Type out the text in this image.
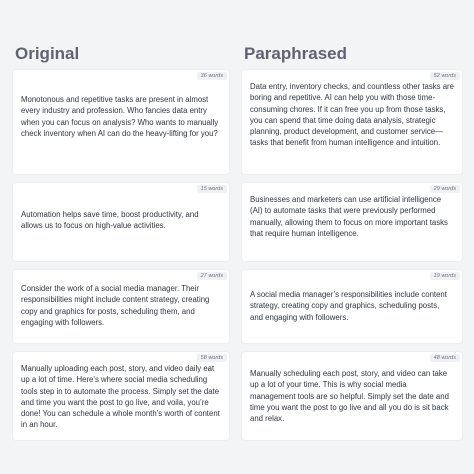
Original	Paraphrased
36 words

Monotonous and repetitive tasks are present in almost every industry and profession. Who fancies data entry when you can focus on analysis? Who wants to manually check inventory when AI can do the heavy-lifting for you?

52 words

Data entry, inventory checks, and countless other tasks are boring and repetitive. AI can help you with those time-consuming chores. If it can free you up from those tasks, you can spend that time doing data analysis, strategic planning, product development, and customer service—tasks that benefit from human intelligence and intuition.

15 words

Automation helps save time, boost productivity, and allows us to focus on high-value activities.

29 words

Businesses and marketers can use artificial intelligence (AI) to automate tasks that were previously performed manually, allowing them to focus on more important tasks that require human intelligence.

27 words

Consider the work of a social media manager. Their responsibilities might include content strategy, creating copy and graphics for posts, scheduling them, and engaging with followers.

19 words

A social media manager’s responsibilities include content strategy, creating copy and graphics, scheduling posts, and engaging with followers.

58 words

Manually uploading each post, story, and video daily eat up a lot of time. Here’s where social media scheduling tools step in to automate the process. Simply set the date and time you want the post to go live, and voila, you’re done! You can schedule a whole month’s worth of content in an hour.

48 words

Manually scheduling each post, story, and video can take up a lot of your time. This is why social media management tools are so helpful. Simply set the date and time you want the post to go live and all you do is sit back and relax.
